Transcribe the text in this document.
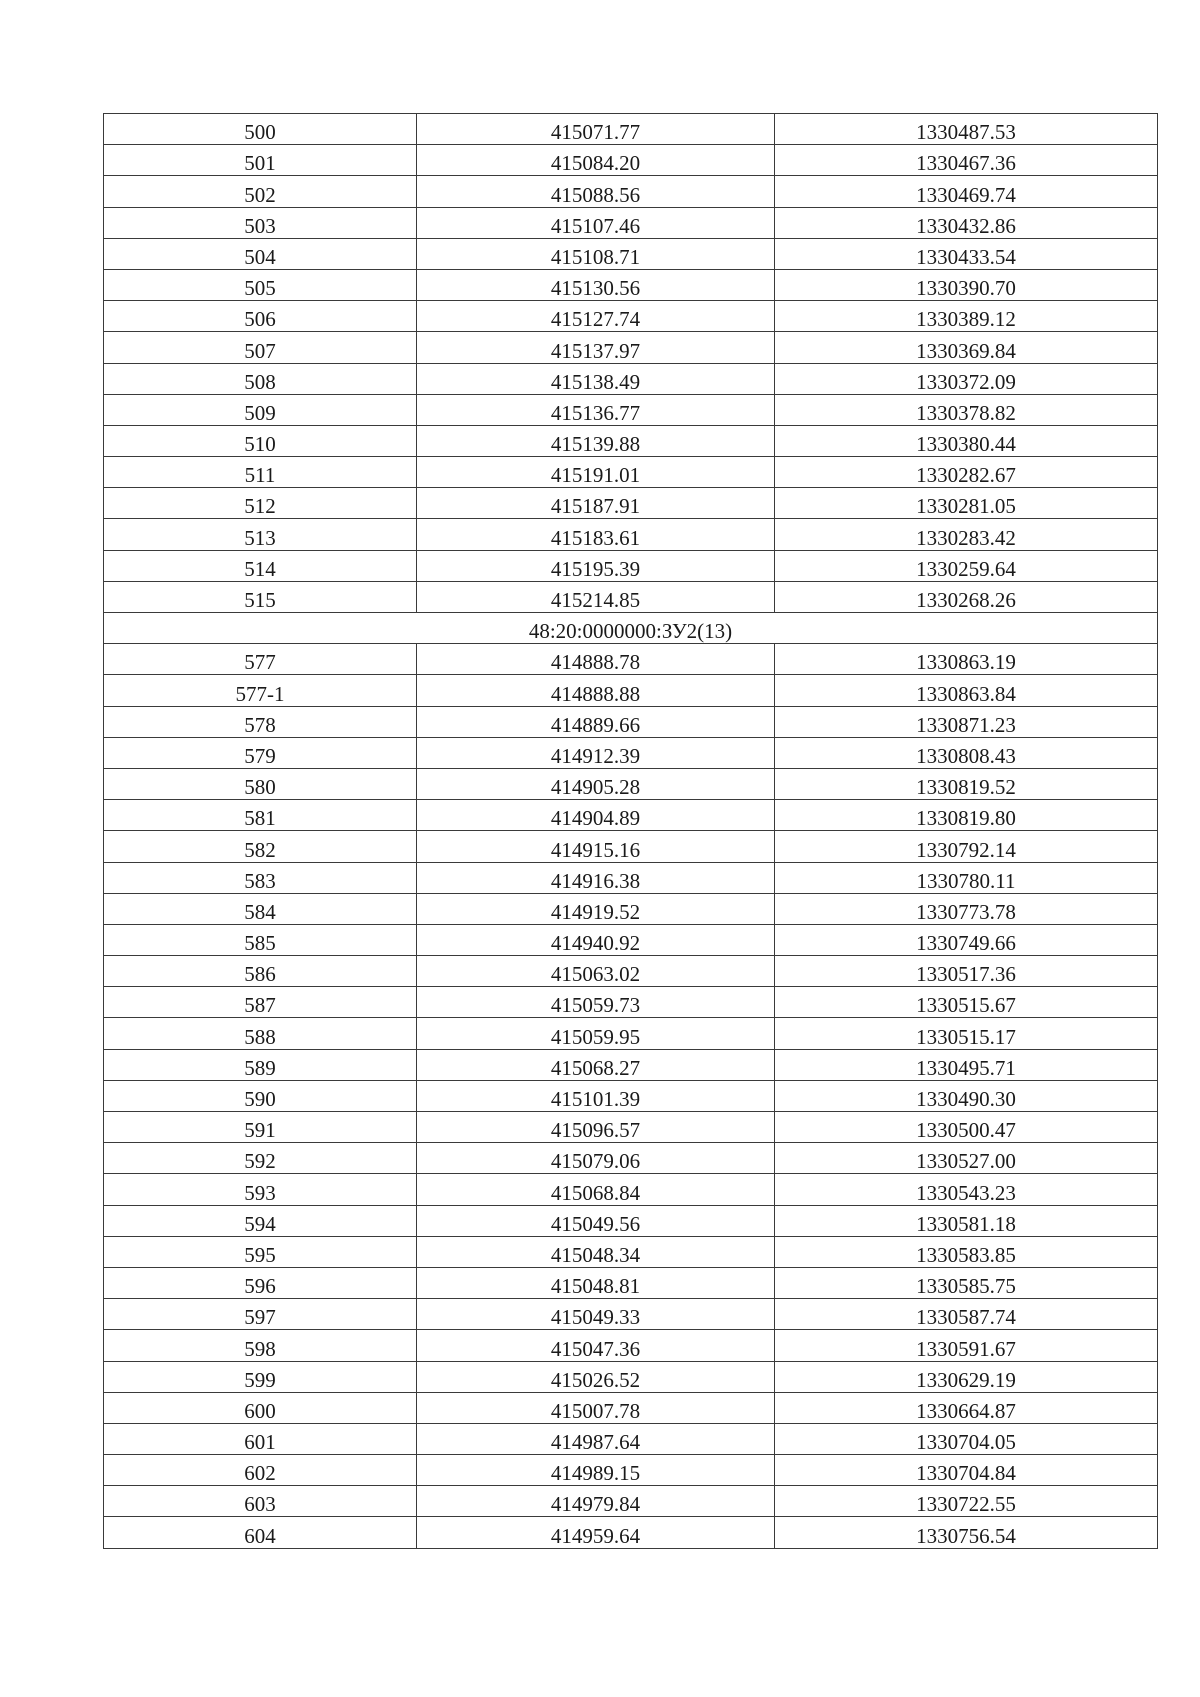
500	415071.77	1330487.53
501	415084.20	1330467.36
502	415088.56	1330469.74
503	415107.46	1330432.86
504	415108.71	1330433.54
505	415130.56	1330390.70
506	415127.74	1330389.12
507	415137.97	1330369.84
508	415138.49	1330372.09
509	415136.77	1330378.82
510	415139.88	1330380.44
511	415191.01	1330282.67
512	415187.91	1330281.05
513	415183.61	1330283.42
514	415195.39	1330259.64
515	415214.85	1330268.26
48:20:0000000:ЗУ2(13)		
577	414888.78	1330863.19
577-1	414888.88	1330863.84
578	414889.66	1330871.23
579	414912.39	1330808.43
580	414905.28	1330819.52
581	414904.89	1330819.80
582	414915.16	1330792.14
583	414916.38	1330780.11
584	414919.52	1330773.78
585	414940.92	1330749.66
586	415063.02	1330517.36
587	415059.73	1330515.67
588	415059.95	1330515.17
589	415068.27	1330495.71
590	415101.39	1330490.30
591	415096.57	1330500.47
592	415079.06	1330527.00
593	415068.84	1330543.23
594	415049.56	1330581.18
595	415048.34	1330583.85
596	415048.81	1330585.75
597	415049.33	1330587.74
598	415047.36	1330591.67
599	415026.52	1330629.19
600	415007.78	1330664.87
601	414987.64	1330704.05
602	414989.15	1330704.84
603	414979.84	1330722.55
604	414959.64	1330756.54
